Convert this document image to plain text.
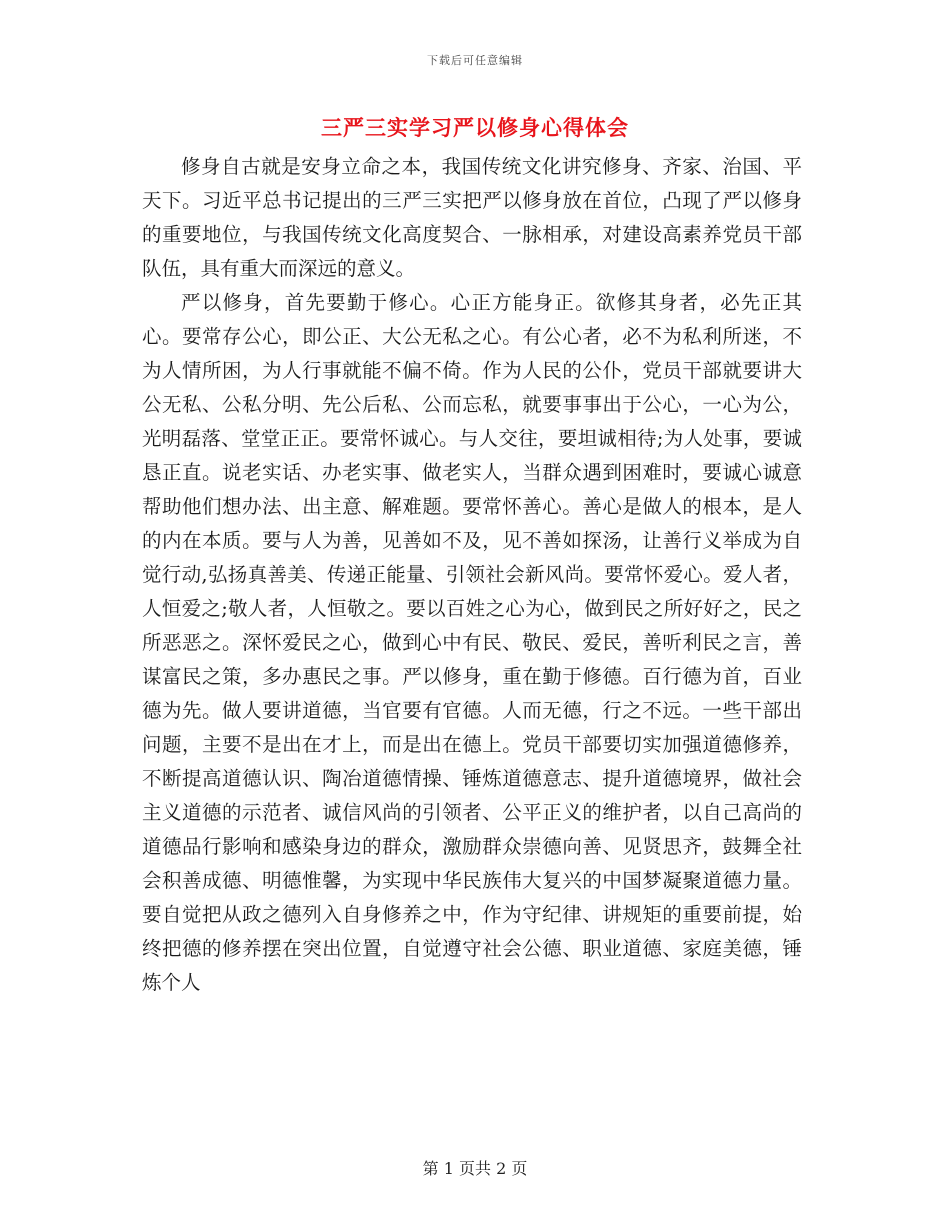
下载后可任意编辑
三严三实学习严以修身心得体会

修身自古就是安身立命之本，我国传统文化讲究修身、齐家、治国、平天下。习近平总书记提出的三严三实把严以修身放在首位，凸现了严以修身的重要地位，与我国传统文化高度契合、一脉相承，对建设高素养党员干部队伍，具有重大而深远的意义。

严以修身，首先要勤于修心。心正方能身正。欲修其身者，必先正其心。要常存公心，即公正、大公无私之心。有公心者，必不为私利所迷，不为人情所困，为人行事就能不偏不倚。作为人民的公仆，党员干部就要讲大公无私、公私分明、先公后私、公而忘私，就要事事出于公心，一心为公，光明磊落、堂堂正正。要常怀诚心。与人交往，要坦诚相待;为人处事，要诚恳正直。说老实话、办老实事、做老实人，当群众遇到困难时，要诚心诚意帮助他们想办法、出主意、解难题。要常怀善心。善心是做人的根本，是人的内在本质。要与人为善，见善如不及，见不善如探汤，让善行义举成为自觉行动,弘扬真善美、传递正能量、引领社会新风尚。要常怀爱心。爱人者，人恒爱之;敬人者，人恒敬之。要以百姓之心为心，做到民之所好好之，民之所恶恶之。深怀爱民之心，做到心中有民、敬民、爱民，善听利民之言，善谋富民之策，多办惠民之事。严以修身，重在勤于修德。百行德为首，百业德为先。做人要讲道德，当官要有官德。人而无德，行之不远。一些干部出问题，主要不是出在才上，而是出在德上。党员干部要切实加强道德修养，不断提高道德认识、陶冶道德情操、锤炼道德意志、提升道德境界，做社会主义道德的示范者、诚信风尚的引领者、公平正义的维护者，以自己高尚的道德品行影响和感染身边的群众，激励群众崇德向善、见贤思齐，鼓舞全社会积善成德、明德惟馨，为实现中华民族伟大复兴的中国梦凝聚道德力量。要自觉把从政之德列入自身修养之中，作为守纪律、讲规矩的重要前提，始终把德的修养摆在突出位置，自觉遵守社会公德、职业道德、家庭美德，锤炼个人

第 1 页共 2 页
